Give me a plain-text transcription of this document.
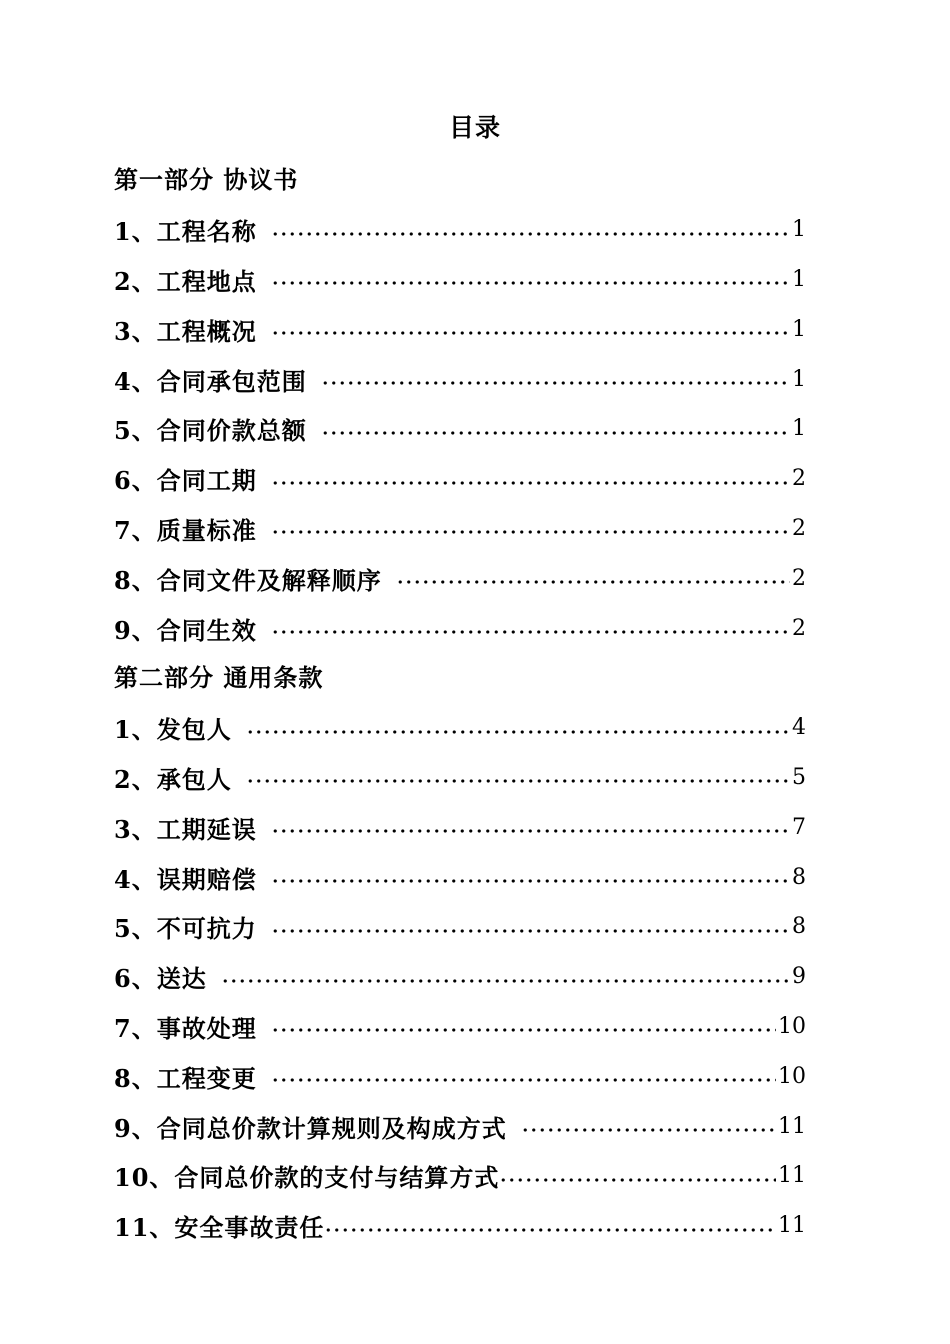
目录
第一部分 协议书
1、工程名称	1
2、工程地点	1
3、工程概况	1
4、合同承包范围	1
5、合同价款总额	1
6、合同工期	2
7、质量标准	2
8、合同文件及解释顺序	2
9、合同生效	2
第二部分 通用条款
1、发包人	4
2、承包人	5
3、工期延误	7
4、误期赔偿	8
5、不可抗力	8
6、送达	9
7、事故处理	10
8、工程变更	10
9、合同总价款计算规则及构成方式	11
10、合同总价款的支付与结算方式	11
11、安全事故责任	11
